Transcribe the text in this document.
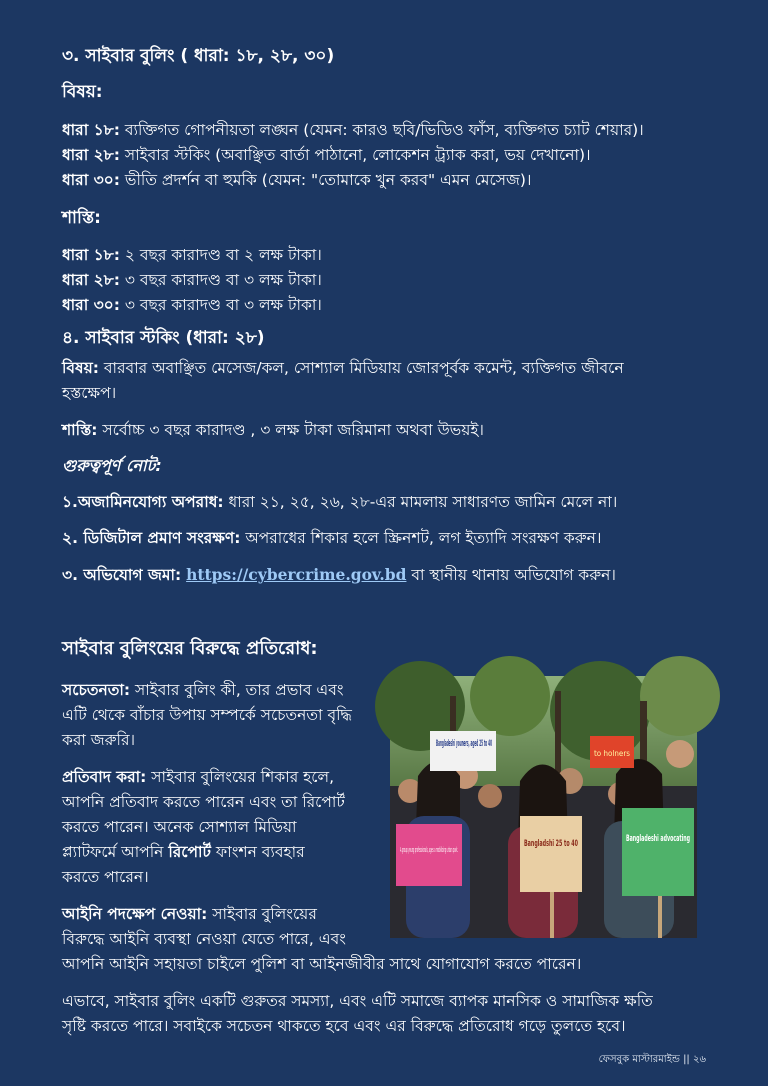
৩. সাইবার বুলিং ( ধারা: ১৮, ২৮, ৩০)
বিষয়:
ধারা ১৮: ব্যক্তিগত গোপনীয়তা লঙ্ঘন (যেমন: কারও ছবি/ভিডিও ফাঁস, ব্যক্তিগত চ্যাট শেয়ার)।
ধারা ২৮: সাইবার স্টকিং (অবাঞ্ছিত বার্তা পাঠানো, লোকেশন ট্র্যাক করা, ভয় দেখানো)।
ধারা ৩০: ভীতি প্রদর্শন বা হুমকি (যেমন: "তোমাকে খুন করব" এমন মেসেজ)।
শাস্তি:
ধারা ১৮: ২ বছর কারাদণ্ড বা ২ লক্ষ টাকা।
ধারা ২৮: ৩ বছর কারাদণ্ড বা ৩ লক্ষ টাকা।
ধারা ৩০: ৩ বছর কারাদণ্ড বা ৩ লক্ষ টাকা।
৪. সাইবার স্টকিং (ধারা: ২৮)
বিষয়: বারবার অবাঞ্ছিত মেসেজ/কল, সোশ্যাল মিডিয়ায় জোরপূর্বক কমেন্ট, ব্যক্তিগত জীবনে
হস্তক্ষেপ।
শাস্তি: সর্বোচ্চ ৩ বছর কারাদণ্ড , ৩ লক্ষ টাকা জরিমানা অথবা উভয়ই।
গুরুত্বপূর্ণ নোট:
১.অজামিনযোগ্য অপরাধ: ধারা ২১, ২৫, ২৬, ২৮-এর মামলায় সাধারণত জামিন মেলে না।
২. ডিজিটাল প্রমাণ সংরক্ষণ: অপরাধের শিকার হলে স্ক্রিনশট, লগ ইত্যাদি সংরক্ষণ করুন।
৩. অভিযোগ জমা: https://cybercrime.gov.bd বা স্থানীয় থানায় অভিযোগ করুন।
সাইবার বুলিংয়ের বিরুদ্ধে প্রতিরোধ:
সচেতনতা: সাইবার বুলিং কী, তার প্রভাব এবং
এটি থেকে বাঁচার উপায় সম্পর্কে সচেতনতা বৃদ্ধি
করা জরুরি।
প্রতিবাদ করা: সাইবার বুলিংয়ের শিকার হলে,
আপনি প্রতিবাদ করতে পারেন এবং তা রিপোর্ট
করতে পারেন। অনেক সোশ্যাল মিডিয়া
প্ল্যাটফর্মে আপনি রিপোর্ট ফাংশন ব্যবহার
করতে পারেন।
আইনি পদক্ষেপ নেওয়া: সাইবার বুলিংয়ের
বিরুদ্ধে আইনি ব্যবস্থা নেওয়া যেতে পারে, এবং
আপনি আইনি সহায়তা চাইলে পুলিশ বা আইনজীবীর সাথে যোগাযোগ করতে পারেন।
এভাবে, সাইবার বুলিং একটি গুরুতর সমস্যা, এবং এটি সমাজে ব্যাপক মানসিক ও সামাজিক ক্ষতি
সৃষ্টি করতে পারে। সবাইকে সচেতন থাকতে হবে এবং এর বিরুদ্ধে প্রতিরোধ গড়ে তুলতে হবে।
Bangladeshi youners, aged 25 to 40
to holners
A group young professionals, ages a mobilizing urban park.
Bangladshi 25 to 40	Bangladeshi advocating
ফেসবুক মাস্টারমাইন্ড || ২৬
